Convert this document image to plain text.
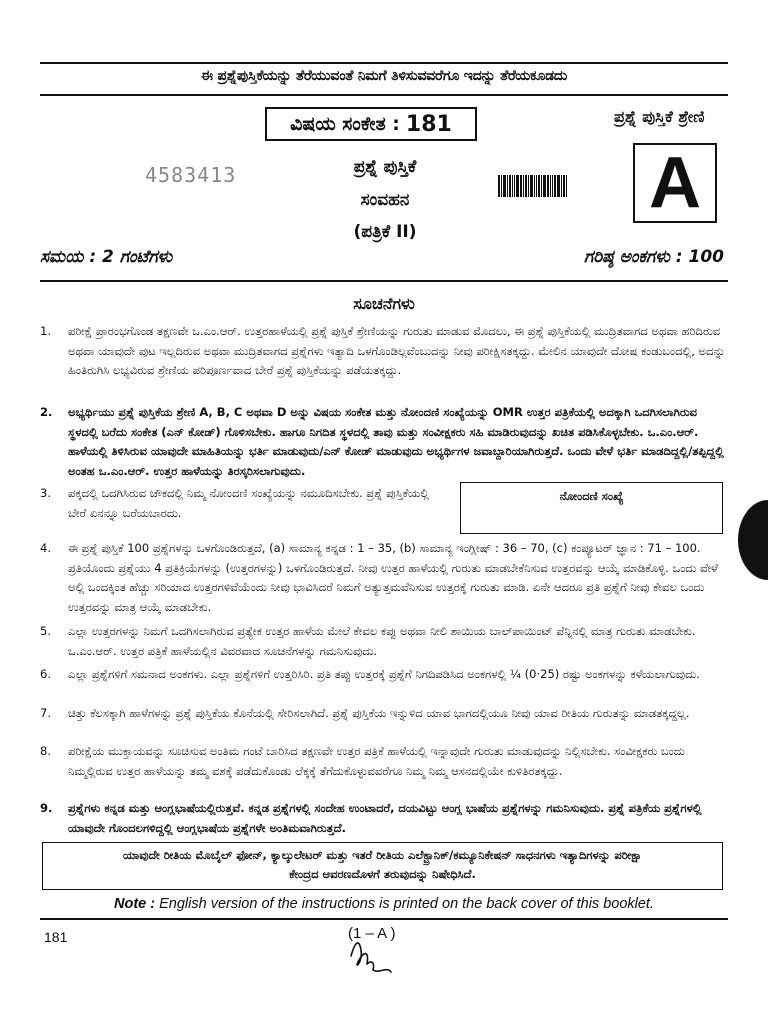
ಈ ಪ್ರಶ್ನೆಪುಸ್ತಿಕೆಯನ್ನು ತೆರೆಯುವಂತೆ ನಿಮಗೆ ತಿಳಿಸುವವರೆಗೂ ಇದನ್ನು ತೆರೆಯಕೂಡದು
ವಿಷಯ ಸಂಕೇತ : 181	ಪ್ರಶ್ನೆ ಪುಸ್ತಿಕೆ ಶ್ರೇಣಿ
A
4583413	ಪ್ರಶ್ನೆ ಪುಸ್ತಿಕೆ
ಸಂವಹನ
(ಪತ್ರಿಕೆ II)
ಸಮಯ : 2 ಗಂಟೆಗಳು	ಗರಿಷ್ಠ ಅಂಕಗಳು : 100
ಸೂಚನೆಗಳು
1.	ಪರೀಕ್ಷೆ ಪ್ರಾರಂಭಗೊಂಡ ತಕ್ಷಣವೇ ಒ.ಎಂ.ಆರ್. ಉತ್ತರಹಾಳೆಯಲ್ಲಿ ಪ್ರಶ್ನೆ ಪುಸ್ತಿಕೆ ಶ್ರೇಣಿಯನ್ನು ಗುರುತು ಮಾಡುವ ಮೊದಲು, ಈ ಪ್ರಶ್ನೆ ಪುಸ್ತಿಕೆಯಲ್ಲಿ ಮುದ್ರಿತವಾಗದ ಅಥವಾ ಹರಿದಿರುವ ಅಥವಾ ಯಾವುದೇ ಪುಟ ಇಲ್ಲದಿರುವ ಅಥವಾ ಮುದ್ರಿತವಾಗದ ಪ್ರಶ್ನೆಗಳು ಇತ್ಯಾದಿ ಒಳಗೊಂಡಿಲ್ಲವೆಂಬುದನ್ನು ನೀವು ಪರೀಕ್ಷಿಸತಕ್ಕದ್ದು. ಮೇಲಿನ ಯಾವುದೇ ದೋಷ ಕಂಡುಬಂದಲ್ಲಿ, ಅದನ್ನು ಹಿಂತಿರುಗಿಸಿ ಲಭ್ಯವಿರುವ ಶ್ರೇಣಿಯ ಪರಿಪೂರ್ಣವಾದ ಬೇರೆ ಪ್ರಶ್ನೆ ಪುಸ್ತಿಕೆಯನ್ನು ಪಡೆಯತಕ್ಕದ್ದು.
2.	ಅಭ್ಯರ್ಥಿಯು ಪ್ರಶ್ನೆ ಪುಸ್ತಿಕೆಯ ಶ್ರೇಣಿ A, B, C ಅಥವಾ D ಅನ್ನು ವಿಷಯ ಸಂಕೇತ ಮತ್ತು ನೋಂದಣಿ ಸಂಖ್ಯೆಯನ್ನು OMR ಉತ್ತರ ಪತ್ರಿಕೆಯಲ್ಲಿ ಅದಕ್ಕಾಗಿ ಒದಗಿಸಲಾಗಿರುವ ಸ್ಥಳದಲ್ಲಿ ಬರೆದು ಸಂಕೇತ (ಎನ್ ಕೋಡ್) ಗೊಳಿಸಬೇಕು. ಹಾಗೂ ನಿಗದಿತ ಸ್ಥಳದಲ್ಲಿ ತಾವು ಮತ್ತು ಸಂವೀಕ್ಷಕರು ಸಹಿ ಮಾಡಿರುವುದನ್ನು ಖಚಿತ ಪಡಿಸಿಕೊಳ್ಳಬೇಕು. ಒ.ಎಂ.ಆರ್. ಹಾಳೆಯಲ್ಲಿ ತಿಳಿಸಿರುವ ಯಾವುದೇ ಮಾಹಿತಿಯನ್ನು ಭರ್ತಿ ಮಾಡುವುದು/ಎನ್ ಕೋಡ್ ಮಾಡುವುದು ಅಭ್ಯರ್ಥಿಗಳ ಜವಾಬ್ದಾರಿಯಾಗಿರುತ್ತದೆ. ಒಂದು ವೇಳೆ ಭರ್ತಿ ಮಾಡದಿದ್ದಲ್ಲಿ/ತಪ್ಪಿದ್ದಲ್ಲಿ ಅಂತಹ ಒ.ಎಂ.ಆರ್. ಉತ್ತರ ಹಾಳೆಯನ್ನು ತಿರಸ್ಕರಿಸಲಾಗುವುದು.
3.	ಪಕ್ಕದಲ್ಲಿ ಒದಗಿಸಿರುವ ಚೌಕದಲ್ಲಿ ನಿಮ್ಮ ನೋಂದಣಿ ಸಂಖ್ಯೆಯನ್ನು ನಮೂದಿಸಬೇಕು. ಪ್ರಶ್ನೆ ಪುಸ್ತಿಕೆಯಲ್ಲಿ ಬೇರೆ ಏನನ್ನೂ ಬರೆಯಬಾರದು.
ನೋಂದಣಿ ಸಂಖ್ಯೆ
4.	ಈ ಪ್ರಶ್ನೆ ಪುಸ್ತಿಕೆ 100 ಪ್ರಶ್ನೆಗಳನ್ನು ಒಳಗೊಂಡಿರುತ್ತದೆ, (a) ಸಾಮಾನ್ಯ ಕನ್ನಡ : 1 – 35, (b) ಸಾಮಾನ್ಯ ಇಂಗ್ಲೀಷ್ : 36 – 70, (c) ಕಂಪ್ಯೂಟರ್ ಜ್ಞಾನ : 71 – 100. ಪ್ರತಿಯೊಂದು ಪ್ರಶ್ನೆಯು 4 ಪ್ರತಿಕ್ರಿಯೆಗಳನ್ನು (ಉತ್ತರಗಳನ್ನು) ಒಳಗೊಂಡಿರುತ್ತದೆ. ನೀವು ಉತ್ತರ ಹಾಳೆಯಲ್ಲಿ ಗುರುತು ಮಾಡಬೇಕೆನಿಸುವ ಉತ್ತರವನ್ನು ಆಯ್ಕೆ ಮಾಡಿಕೊಳ್ಳಿ. ಒಂದು ವೇಳೆ ಅಲ್ಲಿ ಒಂದಕ್ಕಿಂತ ಹೆಚ್ಚು ಸರಿಯಾದ ಉತ್ತರಗಳಿವೆಯೆಂದು ನೀವು ಭಾವಿಸಿದರೆ ನಿಮಗೆ ಅತ್ಯುತ್ತಮವೆನಿಸುವ ಉತ್ತರಕ್ಕೆ ಗುರುತು ಮಾಡಿ. ಏನೇ ಆದರೂ ಪ್ರತಿ ಪ್ರಶ್ನೆಗೆ ನೀವು ಕೇವಲ ಒಂದು ಉತ್ತರವನ್ನು ಮಾತ್ರ ಆಯ್ಕೆ ಮಾಡಬೇಕು.
5.	ಎಲ್ಲಾ ಉತ್ತರಗಳನ್ನು ನಿಮಗೆ ಒದಗಿಸಲಾಗಿರುವ ಪ್ರತ್ಯೇಕ ಉತ್ತರ ಹಾಳೆಯ ಮೇಲೆ ಕೇವಲ ಕಪ್ಪು ಅಥವಾ ನೀಲಿ ಶಾಯಿಯ ಬಾಲ್‌ಪಾಯಿಂಟ್ ಪೆನ್ನಿನಲ್ಲಿ ಮಾತ್ರ ಗುರುತು ಮಾಡಬೇಕು. ಒ.ಎಂ.ಆರ್. ಉತ್ತರ ಪತ್ರಿಕೆ ಹಾಳೆಯಲ್ಲಿನ ವಿವರವಾದ ಸೂಚನೆಗಳನ್ನು ಗಮನಿಸುವುದು.
6.	ಎಲ್ಲಾ ಪ್ರಶ್ನೆಗಳಿಗೆ ಸಮನಾದ ಅಂಕಗಳು. ಎಲ್ಲಾ ಪ್ರಶ್ನೆಗಳಿಗೆ ಉತ್ತರಿಸಿರಿ. ಪ್ರತಿ ತಪ್ಪು ಉತ್ತರಕ್ಕೆ ಪ್ರಶ್ನೆಗೆ ನಿಗದಿಪಡಿಸಿದ ಅಂಕಗಳಲ್ಲಿ ¼ (0·25) ರಷ್ಟು ಅಂಕಗಳನ್ನು ಕಳೆಯಲಾಗುವುದು.
7.	ಚಿತ್ತು ಕೆಲಸಕ್ಕಾಗಿ ಹಾಳೆಗಳನ್ನು ಪ್ರಶ್ನೆ ಪುಸ್ತಿಕೆಯ ಕೊನೆಯಲ್ಲಿ ಸೇರಿಸಲಾಗಿದೆ. ಪ್ರಶ್ನೆ ಪುಸ್ತಿಕೆಯ ಇನ್ನುಳಿದ ಯಾವ ಭಾಗದಲ್ಲಿಯೂ ನೀವು ಯಾವ ರೀತಿಯ ಗುರುತನ್ನು ಮಾಡತಕ್ಕದ್ದಲ್ಲ.
8.	ಪರೀಕ್ಷೆಯ ಮುಕ್ತಾಯವನ್ನು ಸೂಚಿಸುವ ಅಂತಿಮ ಗಂಟೆ ಬಾರಿಸಿದ ತಕ್ಷಣವೇ ಉತ್ತರ ಪತ್ರಿಕೆ ಹಾಳೆಯಲ್ಲಿ ಇನ್ನಾವುದೇ ಗುರುತು ಮಾಡುವುದನ್ನು ನಿಲ್ಲಿಸಬೇಕು. ಸಂವೀಕ್ಷಕರು ಬಂದು ನಿಮ್ಮಲ್ಲಿರುವ ಉತ್ತರ ಹಾಳೆಯನ್ನು ತಮ್ಮ ವಶಕ್ಕೆ ಪಡೆದುಕೊಂಡು ಲೆಕ್ಕಕ್ಕೆ ತೆಗೆದುಕೊಳ್ಳುವವರೆಗೂ ನಿಮ್ಮ ನಿಮ್ಮ ಆಸನದಲ್ಲಿಯೇ ಕುಳಿತಿರತಕ್ಕದ್ದು.
9.	ಪ್ರಶ್ನೆಗಳು ಕನ್ನಡ ಮತ್ತು ಆಂಗ್ಲಭಾಷೆಯಲ್ಲಿರುತ್ತವೆ. ಕನ್ನಡ ಪ್ರಶ್ನೆಗಳಲ್ಲಿ ಸಂದೇಹ ಉಂಟಾದರೆ, ದಯವಿಟ್ಟು ಆಂಗ್ಲ ಭಾಷೆಯ ಪ್ರಶ್ನೆಗಳನ್ನು ಗಮನಿಸುವುದು. ಪ್ರಶ್ನೆ ಪತ್ರಿಕೆಯ ಪ್ರಶ್ನೆಗಳಲ್ಲಿ ಯಾವುದೇ ಗೊಂದಲಗಳಿದ್ದಲ್ಲಿ ಆಂಗ್ಲಭಾಷೆಯ ಪ್ರಶ್ನೆಗಳೇ ಅಂತಿಮವಾಗಿರುತ್ತದೆ.
ಯಾವುದೇ ರೀತಿಯ ಮೊಬೈಲ್ ಫೋನ್, ಕ್ಯಾಲ್ಕುಲೇಟರ್ ಮತ್ತು ಇತರೆ ರೀತಿಯ ಎಲೆಕ್ಟ್ರಾನಿಕ್/ಕಮ್ಯೂನಿಕೇಷನ್ ಸಾಧನಗಳು ಇತ್ಯಾದಿಗಳನ್ನು ಪರೀಕ್ಷಾ
ಕೇಂದ್ರದ ಆವರಣದೊಳಗೆ ತರುವುದನ್ನು ನಿಷೇಧಿಸಿದೆ.
Note : English version of the instructions is printed on the back cover of this booklet.
181	(1 – A )
